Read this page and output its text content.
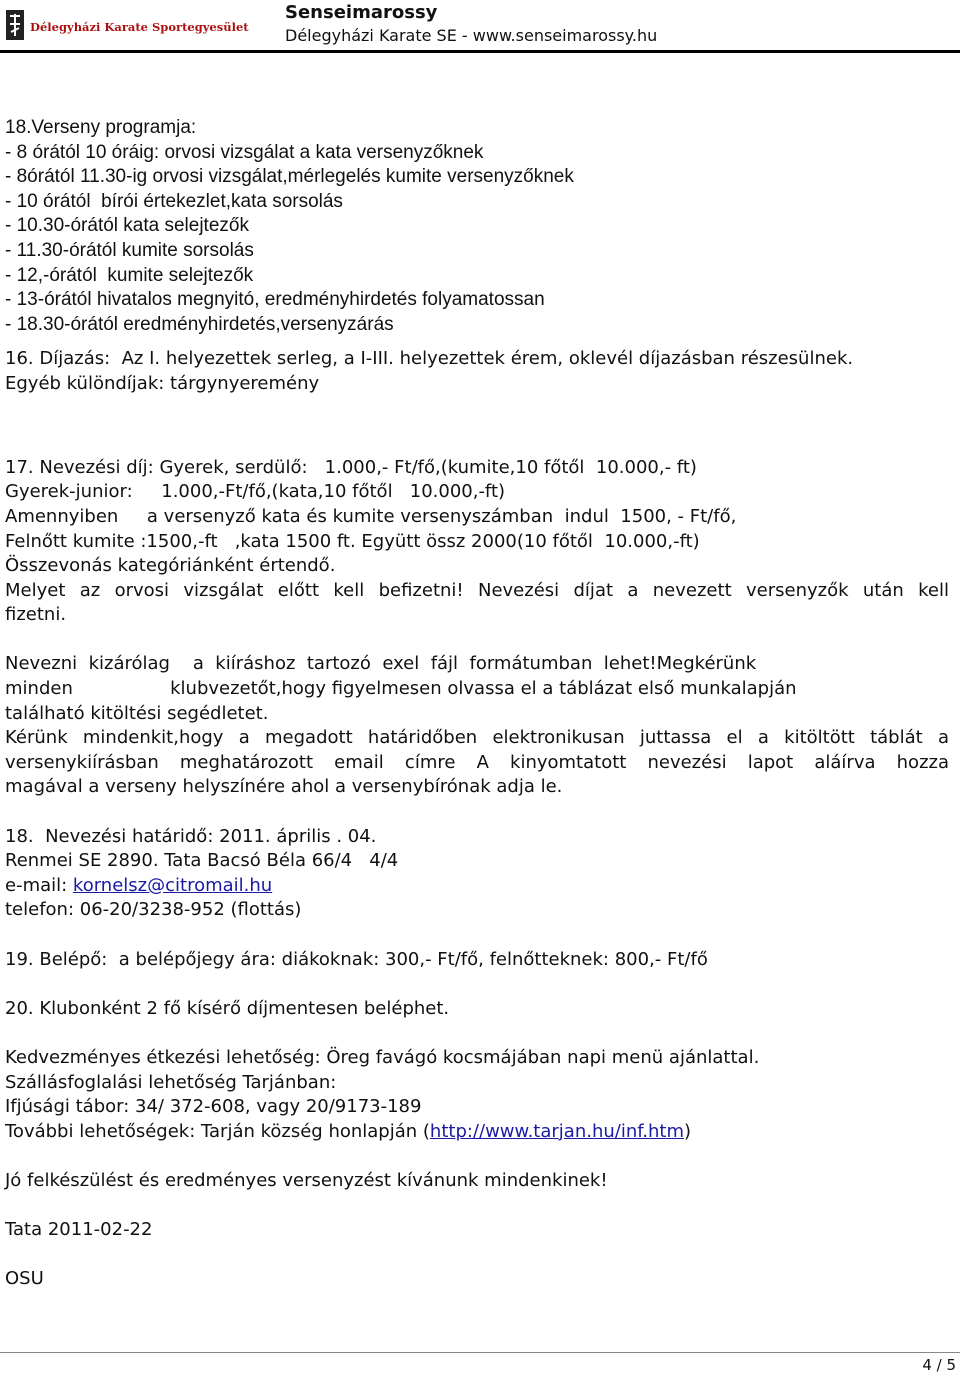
Délegyházi Karate Sportegyesület
Senseimarossy
Délegyházi Karate SE - www.senseimarossy.hu
18.Verseny programja:
- 8 órától 10 óráig: orvosi vizsgálat a kata versenyzőknek
- 8órától 11.30-ig orvosi vizsgálat,mérlegelés kumite versenyzőknek
- 10 órától  bírói értekezlet,kata sorsolás
- 10.30-órától kata selejtezők
- 11.30-órától kumite sorsolás
- 12,-órától  kumite selejtezők
- 13-órától hivatalos megnyitó, eredményhirdetés folyamatossan
- 18.30-órától eredményhirdetés,versenyzárás
16. Díjazás:  Az I. helyezettek serleg, a I-III. helyezettek érem, oklevél díjazásban részesülnek.
Egyéb különdíjak: tárgynyeremény
17. Nevezési díj: Gyerek, serdülő:   1.000,- Ft/fő,(kumite,10 főtől  10.000,- ft)
Gyerek-junior:     1.000,-Ft/fő,(kata,10 főtől   10.000,-ft)
Amennyiben     a versenyző kata és kumite versenyszámban  indul  1500, - Ft/fő,
Felnőtt kumite :1500,-ft   ,kata 1500 ft. Együtt össz 2000(10 főtől  10.000,-ft)
Összevonás kategóriánként értendő.
Melyet az orvosi vizsgálat előtt kell befizetni! Nevezési díjat a nevezett versenyzők után kell
fizetni.
Nevezni  kizárólag    a  kiíráshoz  tartozó  exel  fájl  formátumban  lehet!Megkérünk
minden                 klubvezetőt,hogy figyelmesen olvassa el a táblázat első munkalapján
található kitöltési segédletet.
Kérünk mindenkit,hogy a megadott határidőben elektronikusan juttassa el a kitöltött táblát a
versenykiírásban meghatározott email címre A kinyomtatott nevezési lapot aláírva hozza
magával a verseny helyszínére ahol a versenybírónak adja le.
18.  Nevezési határidő: 2011. április . 04.
Renmei SE 2890. Tata Bacsó Béla 66/4   4/4
e-mail: kornelsz@citromail.hu
telefon: 06-20/3238-952 (flottás)
19. Belépő:  a belépőjegy ára: diákoknak: 300,- Ft/fő, felnőtteknek: 800,- Ft/fő
20. Klubonként 2 fő kísérő díjmentesen beléphet.
Kedvezményes étkezési lehetőség: Öreg favágó kocsmájában napi menü ajánlattal.
Szállásfoglalási lehetőség Tarjánban:
Ifjúsági tábor: 34/ 372-608, vagy 20/9173-189
További lehetőségek: Tarján község honlapján (http://www.tarjan.hu/inf.htm)
Jó felkészülést és eredményes versenyzést kívánunk mindenkinek!
Tata 2011-02-22
OSU
4 / 5
